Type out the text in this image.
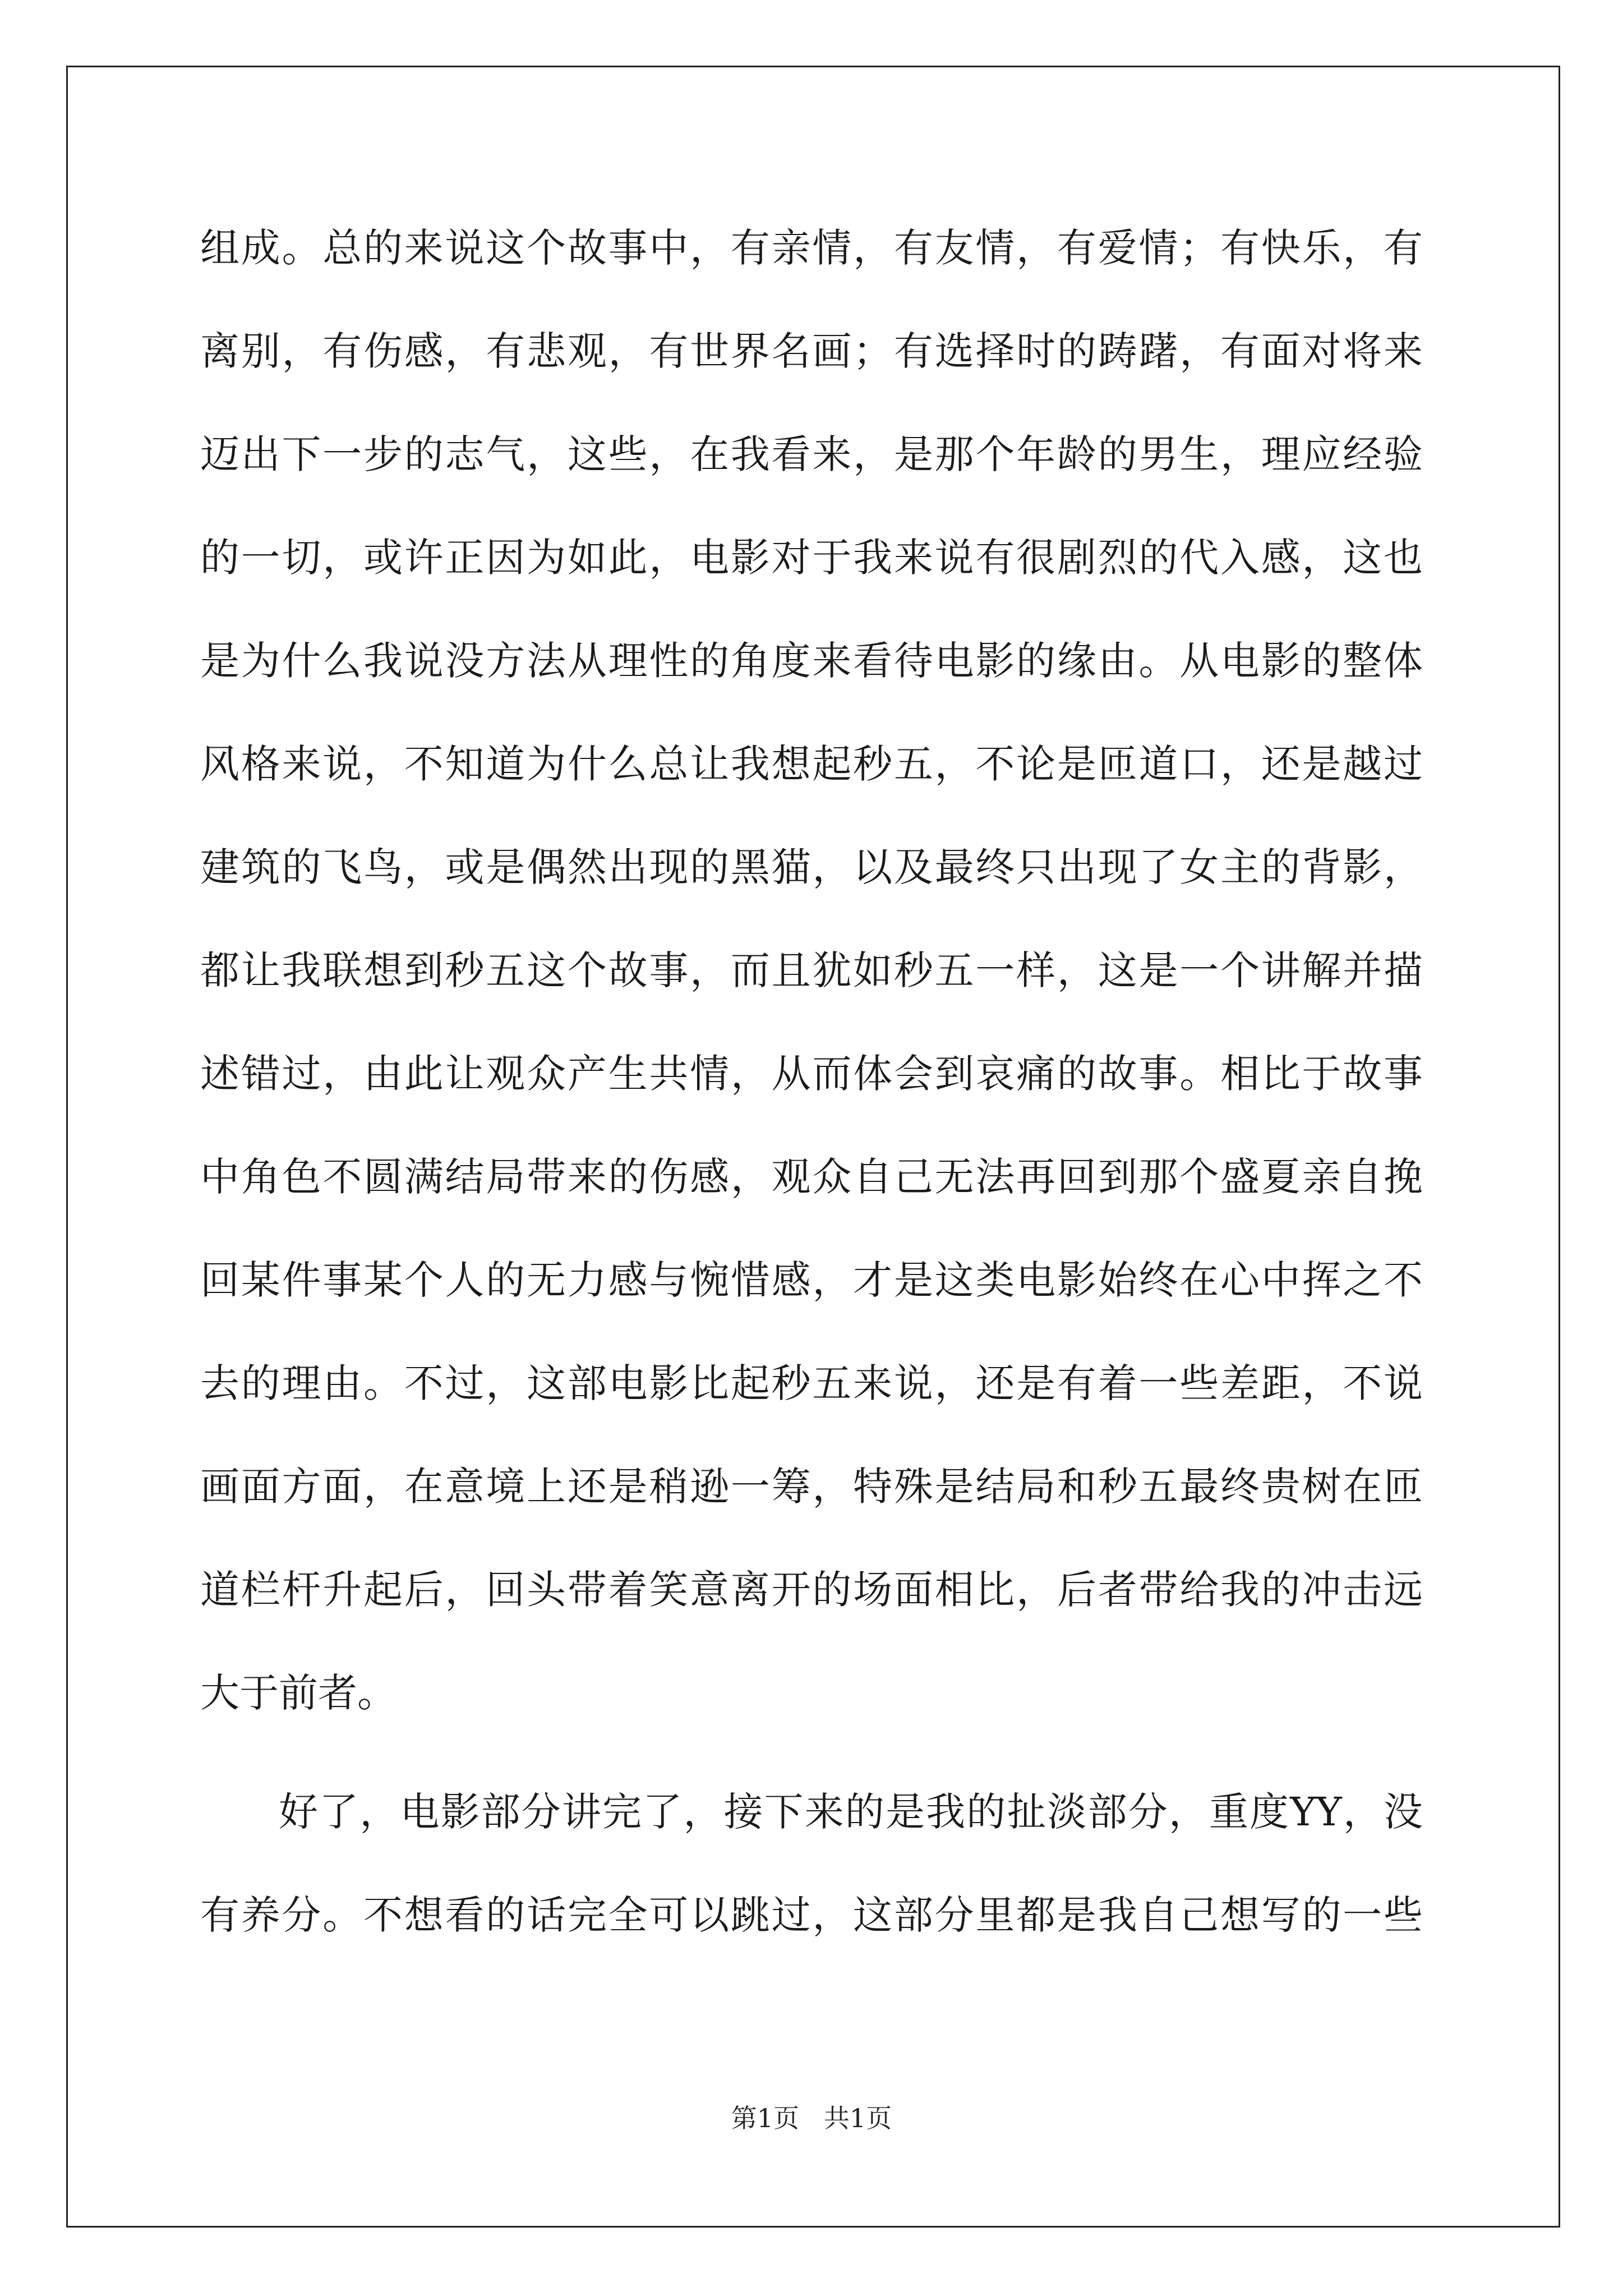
组成。总的来说这个故事中，有亲情，有友情，有爱情；有快乐，有
离别，有伤感，有悲观，有世界名画；有选择时的踌躇，有面对将来
迈出下一步的志气，这些，在我看来，是那个年龄的男生，理应经验
的一切，或许正因为如此，电影对于我来说有很剧烈的代入感，这也
是为什么我说没方法从理性的角度来看待电影的缘由。从电影的整体
风格来说，不知道为什么总让我想起秒五，不论是匝道口，还是越过
建筑的飞鸟，或是偶然出现的黑猫，以及最终只出现了女主的背影，
都让我联想到秒五这个故事，而且犹如秒五一样，这是一个讲解并描
述错过，由此让观众产生共情，从而体会到哀痛的故事。相比于故事
中角色不圆满结局带来的伤感，观众自己无法再回到那个盛夏亲自挽
回某件事某个人的无力感与惋惜感，才是这类电影始终在心中挥之不
去的理由。不过，这部电影比起秒五来说，还是有着一些差距，不说
画面方面，在意境上还是稍逊一筹，特殊是结局和秒五最终贵树在匝
道栏杆升起后，回头带着笑意离开的场面相比，后者带给我的冲击远
大于前者。
好了，电影部分讲完了，接下来的是我的扯淡部分，重度YY，没
有养分。不想看的话完全可以跳过，这部分里都是我自己想写的一些
第1页   共1页
